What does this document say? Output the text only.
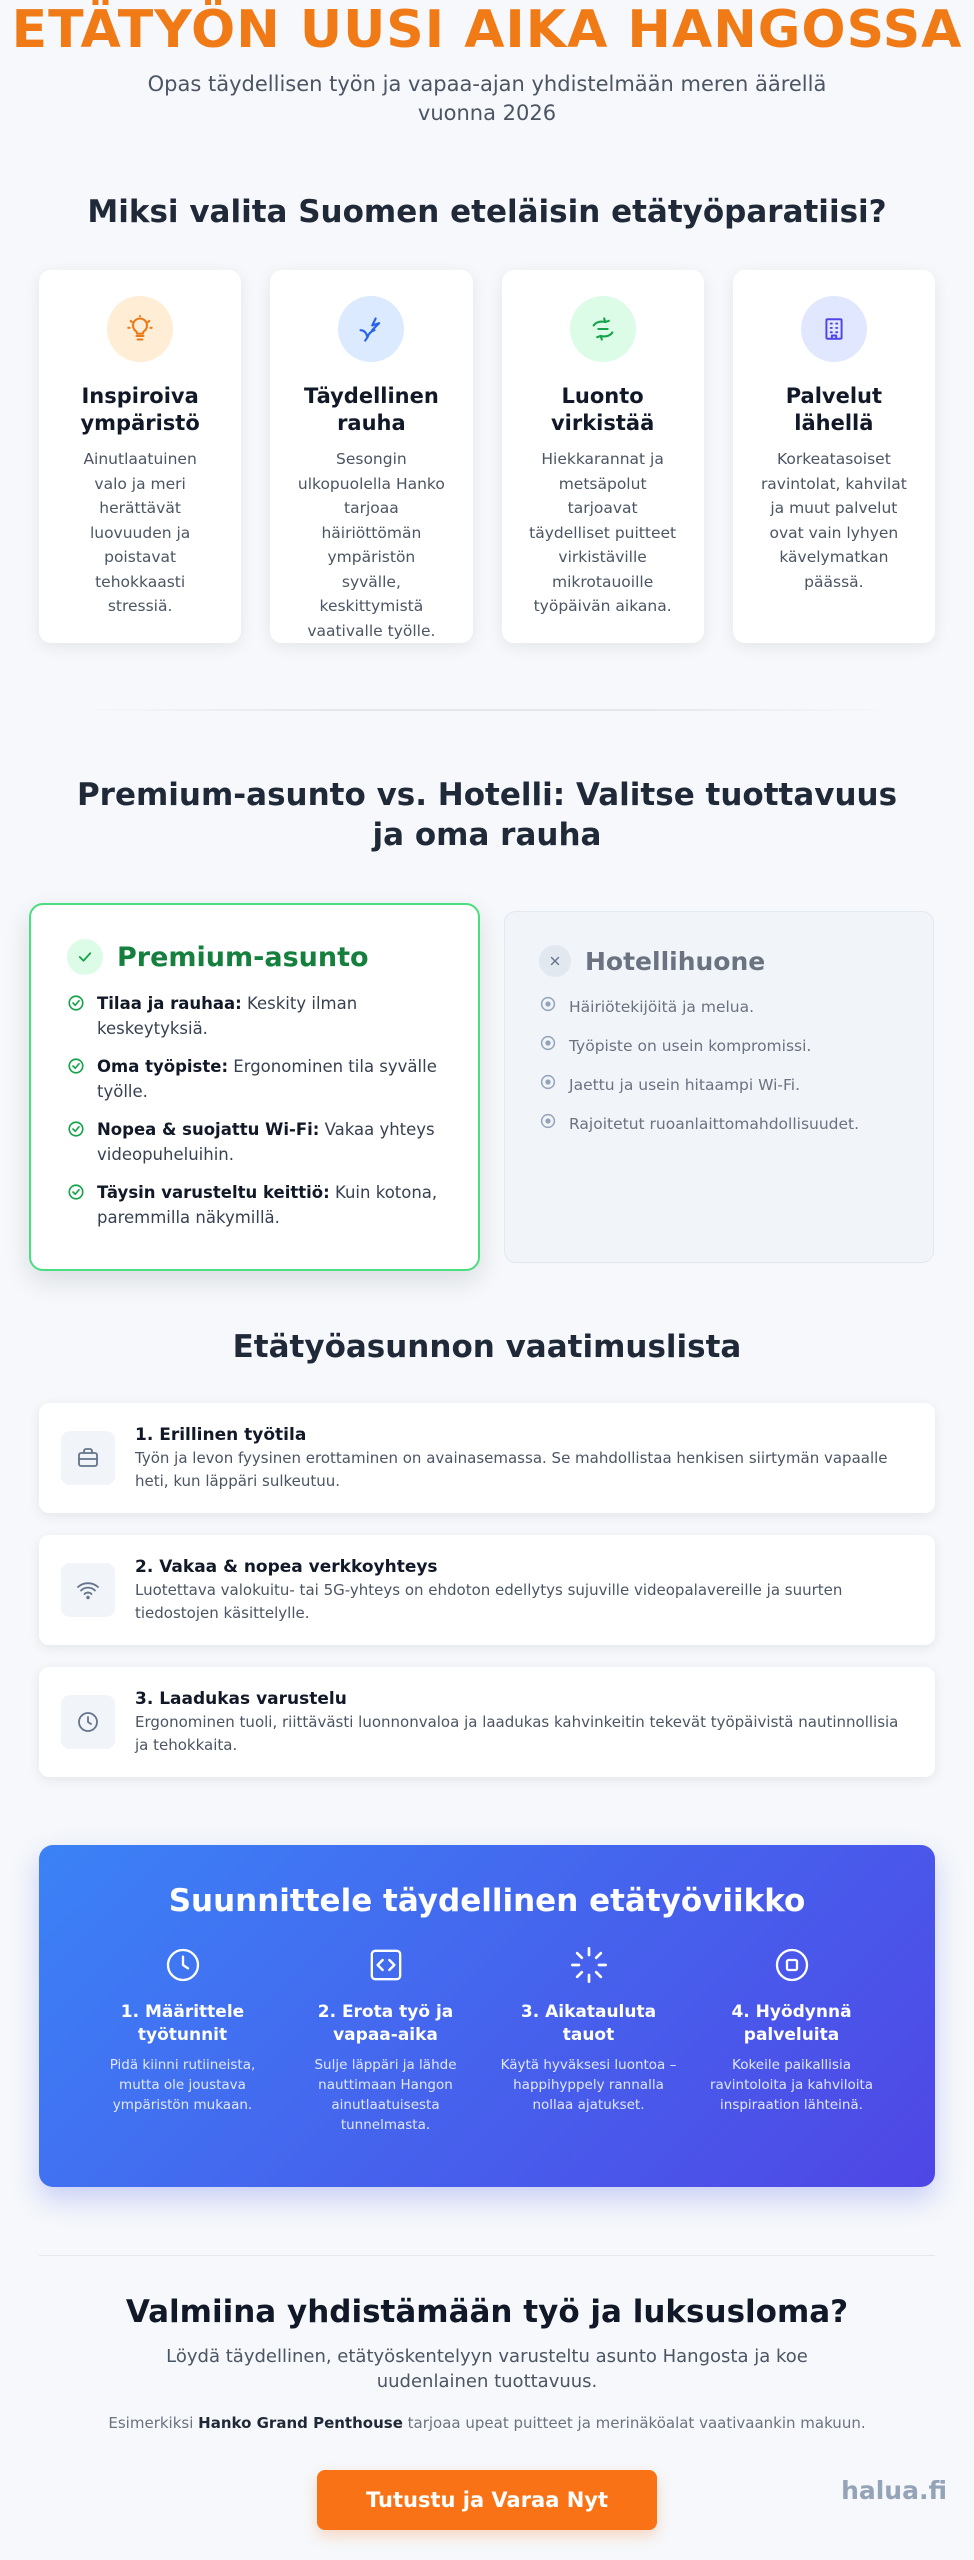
ETÄTYÖN UUSI AIKA HANGOSSA

Opas täydellisen työn ja vapaa-ajan yhdistelmään meren äärellä vuonna 2026

Miksi valita Suomen eteläisin etätyöparatiisi?
Inspiroiva ympäristö

Ainutlaatuinen valo ja meri herättävät luovuuden ja poistavat tehokkaasti stressiä.

Täydellinen rauha

Sesongin ulkopuolella Hanko tarjoaa häiriöttömän ympäristön syvälle, keskittymistä vaativalle työlle.

Luonto virkistää

Hiekkarannat ja metsäpolut tarjoavat täydelliset puitteet virkistäville mikrotauoille työpäivän aikana.

Palvelut lähellä

Korkeatasoiset ravintolat, kahvilat ja muut palvelut ovat vain lyhyen kävelymatkan päässä.

Premium-asunto vs. Hotelli: Valitse tuottavuus ja oma rauha
Premium-asunto
Tilaa ja rauhaa: Keskity ilman keskeytyksiä.
Oma työpiste: Ergonominen tila syvälle työlle.
Nopea & suojattu Wi-Fi: Vakaa yhteys videopuheluihin.
Täysin varusteltu keittiö: Kuin kotona, paremmilla näkymillä.
Hotellihuone
Häiriötekijöitä ja melua.
Työpiste on usein kompromissi.
Jaettu ja usein hitaampi Wi-Fi.
Rajoitetut ruoanlaittomahdollisuudet.
Etätyöasunnon vaatimuslista
1. Erillinen työtila

Työn ja levon fyysinen erottaminen on avainasemassa. Se mahdollistaa henkisen siirtymän vapaalle heti, kun läppäri sulkeutuu.

2. Vakaa & nopea verkkoyhteys

Luotettava valokuitu- tai 5G-yhteys on ehdoton edellytys sujuville videopalavereille ja suurten tiedostojen käsittelylle.

3. Laadukas varustelu

Ergonominen tuoli, riittävästi luonnonvaloa ja laadukas kahvinkeitin tekevät työpäivistä nautinnollisia ja tehokkaita.

Suunnittele täydellinen etätyöviikko
1. Määrittele työtunnit

Pidä kiinni rutiineista, mutta ole joustava ympäristön mukaan.

2. Erota työ ja vapaa-aika

Sulje läppäri ja lähde nauttimaan Hangon ainutlaatuisesta tunnelmasta.

3. Aikatauluta tauot

Käytä hyväksesi luontoa – happihyppely rannalla nollaa ajatukset.

4. Hyödynnä palveluita

Kokeile paikallisia ravintoloita ja kahviloita inspiraation lähteinä.

Valmiina yhdistämään työ ja luksusloma?

Löydä täydellinen, etätyöskentelyyn varusteltu asunto Hangosta ja koe uudenlainen tuottavuus.

Esimerkiksi Hanko Grand Penthouse tarjoaa upeat puitteet ja merinäköalat vaativaankin makuun.

Tutustu ja Varaa Nyt	halua.fi
